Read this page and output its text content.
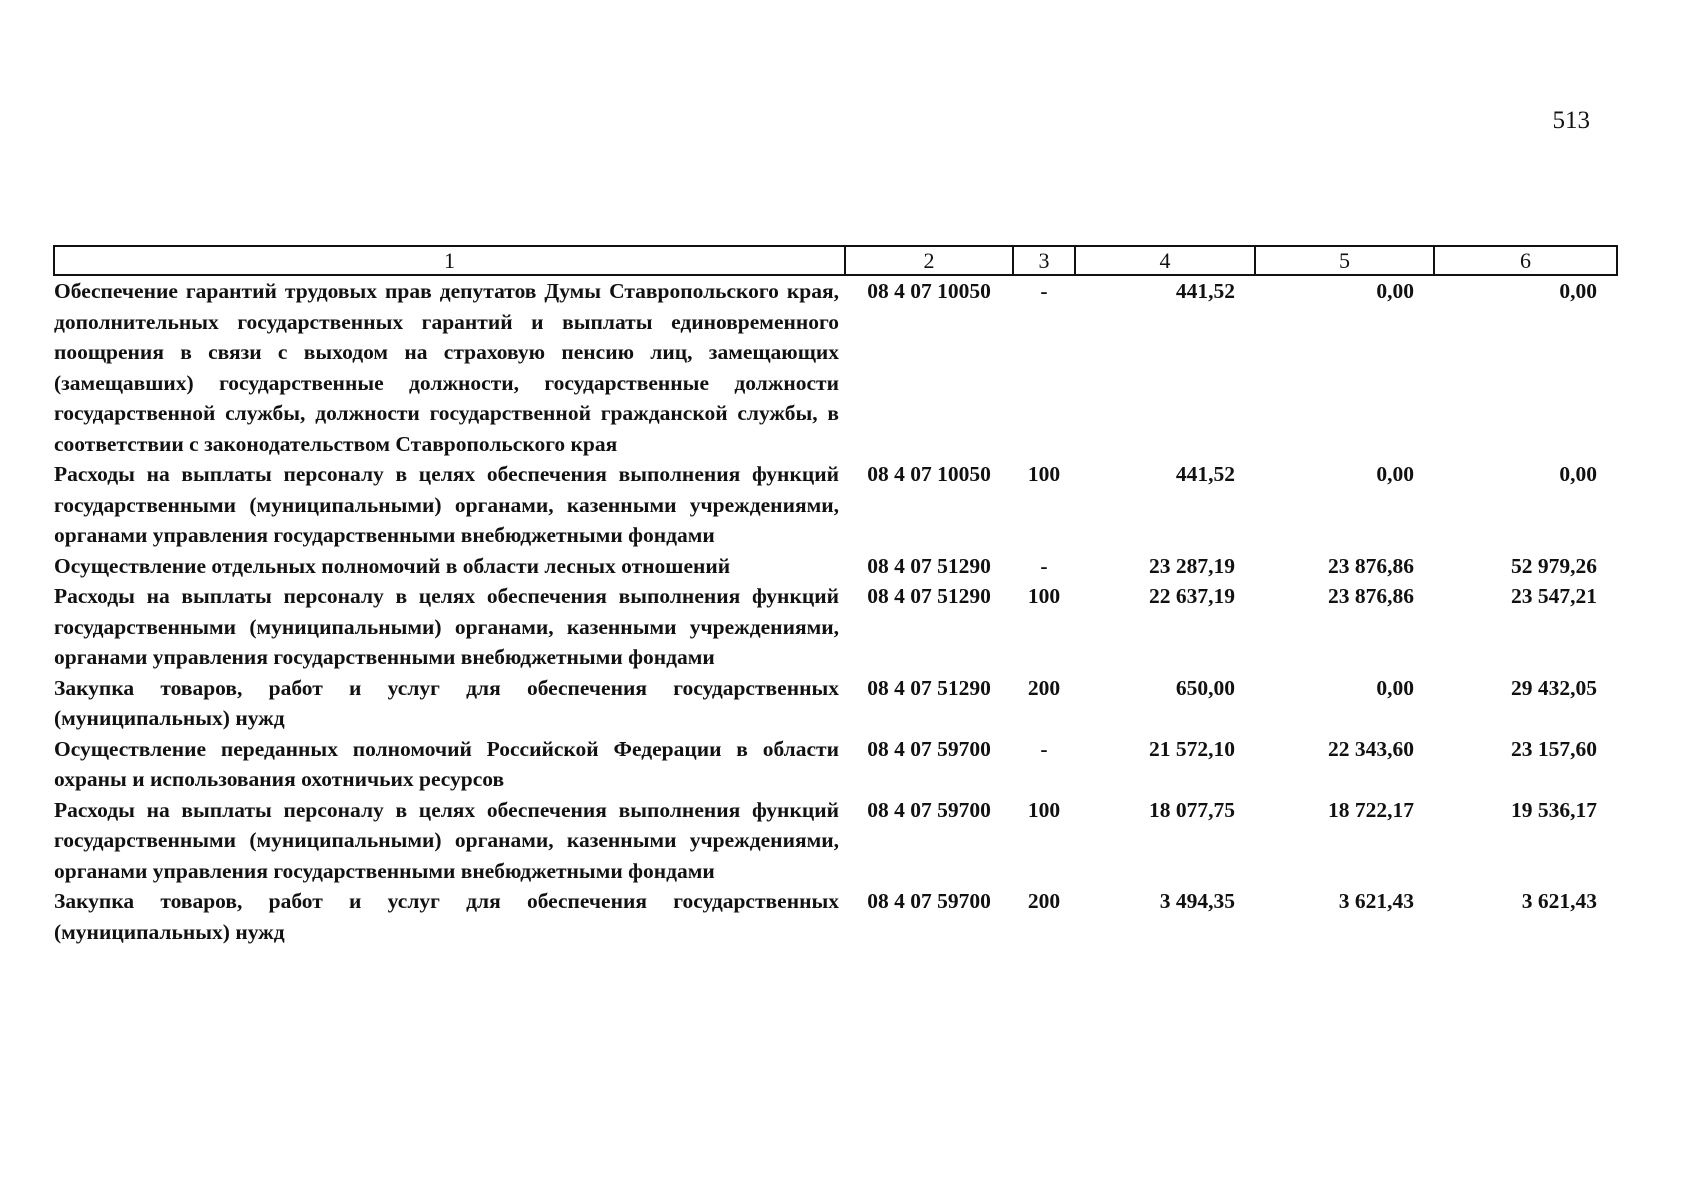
513
1	2	3	4	5	6
Обеспечение гарантий трудовых прав депутатов Думы Ставропольского края, дополнительных государственных гарантий и выплаты единовременного поощрения в связи с выходом на страховую пенсию лиц, замещающих (замещавших) государственные должности, государственные должности государственной службы, должности государственной гражданской службы, в соответствии с законодательством Ставропольского края	08 4 07 10050	-	441,52	0,00	0,00
Расходы на выплаты персоналу в целях обеспечения выполнения функций государственными (муниципальными) органами, казенными учреждениями, органами управления государственными внебюджетными фондами	08 4 07 10050	100	441,52	0,00	0,00
Осуществление отдельных полномочий в области лесных отношений	08 4 07 51290	-	23 287,19	23 876,86	52 979,26
Расходы на выплаты персоналу в целях обеспечения выполнения функций государственными (муниципальными) органами, казенными учреждениями, органами управления государственными внебюджетными фондами	08 4 07 51290	100	22 637,19	23 876,86	23 547,21
Закупка товаров, работ и услуг для обеспечения государственных (муниципальных) нужд	08 4 07 51290	200	650,00	0,00	29 432,05
Осуществление переданных полномочий Российской Федерации в области охраны и использования охотничьих ресурсов	08 4 07 59700	-	21 572,10	22 343,60	23 157,60
Расходы на выплаты персоналу в целях обеспечения выполнения функций государственными (муниципальными) органами, казенными учреждениями, органами управления государственными внебюджетными фондами	08 4 07 59700	100	18 077,75	18 722,17	19 536,17
Закупка товаров, работ и услуг для обеспечения государственных (муниципальных) нужд	08 4 07 59700	200	3 494,35	3 621,43	3 621,43
